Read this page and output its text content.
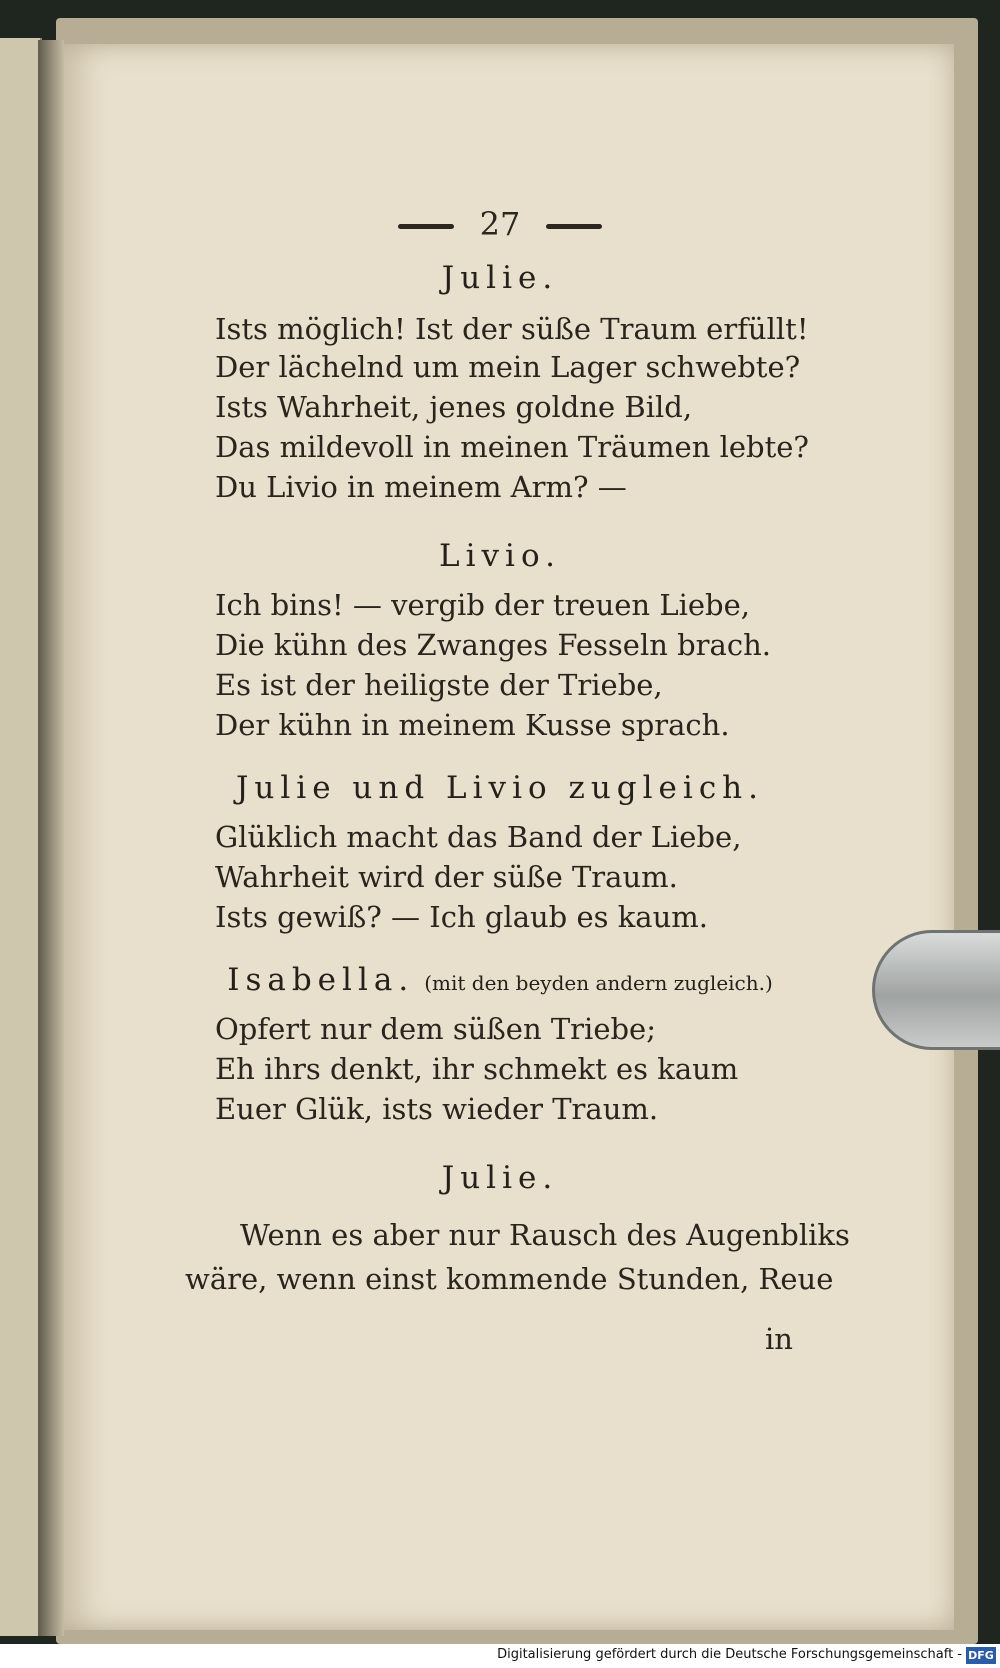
27
Julie.
Ists möglich! Ist der süße Traum erfüllt!
Der lächelnd um mein Lager schwebte?
Ists Wahrheit, jenes goldne Bild,
Das mildevoll in meinen Träumen lebte?
Du Livio in meinem Arm? —
Livio.
Ich bins! — vergib der treuen Liebe,
Die kühn des Zwanges Fesseln brach.
Es ist der heiligste der Triebe,
Der kühn in meinem Kusse sprach.
Julie und Livio zugleich.
Glüklich macht das Band der Liebe,
Wahrheit wird der süße Traum.
Ists gewiß? — Ich glaub es kaum.
Isabella. (mit den beyden andern zugleich.)
Opfert nur dem süßen Triebe;
Eh ihrs denkt, ihr schmekt es kaum
Euer Glük, ists wieder Traum.
Julie.
Wenn es aber nur Rausch des Augenbliks
wäre, wenn einst kommende Stunden, Reue
in
Digitalisierung gefördert durch die Deutsche Forschungsgemeinschaft - DFG
